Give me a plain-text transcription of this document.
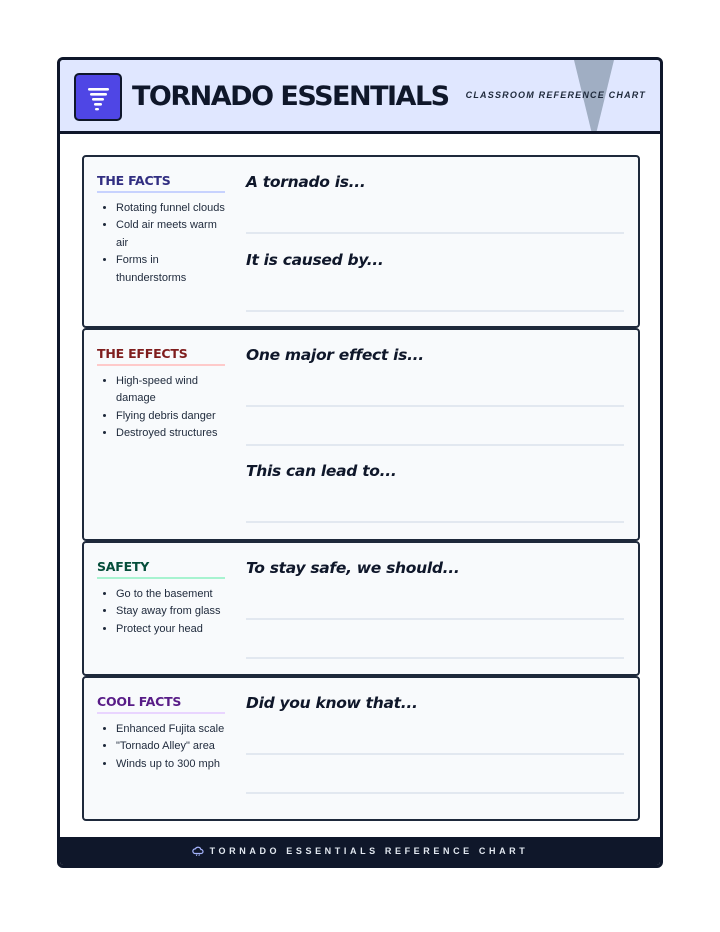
TORNADO ESSENTIALS CLASSROOM REFERENCE CHART
THE FACTS
• Rotating funnel clouds
• Cold air meets warm air
• Forms in thunderstorms
A tornado is...
It is caused by...
THE EFFECTS
• High-speed wind damage
• Flying debris danger
• Destroyed structures
One major effect is...
This can lead to...
SAFETY
• Go to the basement
• Stay away from glass
• Protect your head
To stay safe, we should...
COOL FACTS
• Enhanced Fujita scale
• "Tornado Alley" area
• Winds up to 300 mph
Did you know that...
TORNADO ESSENTIALS REFERENCE CHART
